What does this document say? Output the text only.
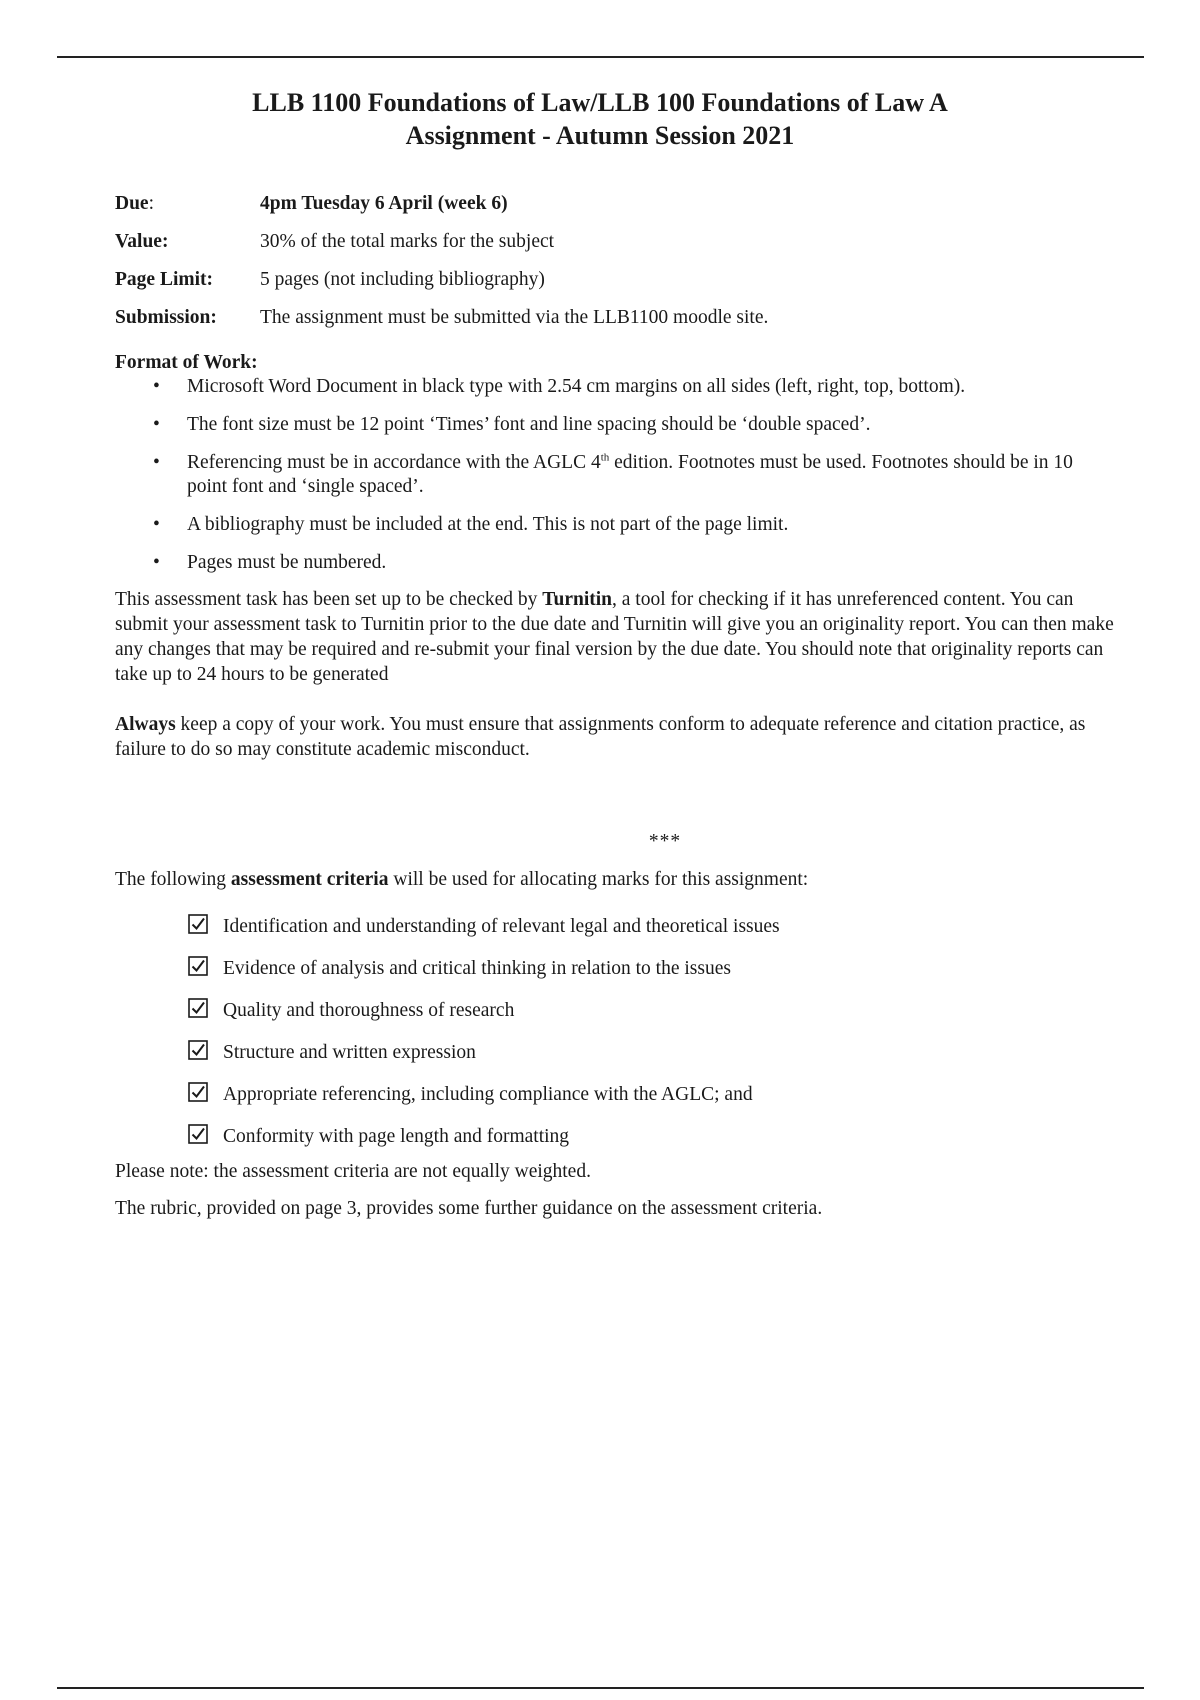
LLB 1100 Foundations of Law/LLB 100 Foundations of Law A
Assignment - Autumn Session 2021
Due:	4pm Tuesday 6 April (week 6)
Value:	30% of the total marks for the subject
Page Limit:	5 pages (not including bibliography)
Submission:	The assignment must be submitted via the LLB1100 moodle site.
Format of Work:
• Microsoft Word Document in black type with 2.54 cm margins on all sides (left, right, top, bottom).
• The font size must be 12 point ‘Times’ font and line spacing should be ‘double spaced’.
• Referencing must be in accordance with the AGLC 4th edition. Footnotes must be used. Footnotes should be in 10 point font and ‘single spaced’.
• A bibliography must be included at the end. This is not part of the page limit.
• Pages must be numbered.

This assessment task has been set up to be checked by Turnitin, a tool for checking if it has unreferenced content. You can submit your assessment task to Turnitin prior to the due date and Turnitin will give you an originality report. You can then make any changes that may be required and re-submit your final version by the due date. You should note that originality reports can take up to 24 hours to be generated

Always keep a copy of your work. You must ensure that assignments conform to adequate reference and citation practice, as failure to do so may constitute academic misconduct.

***
The following assessment criteria will be used for allocating marks for this assignment:
Identification and understanding of relevant legal and theoretical issues
Evidence of analysis and critical thinking in relation to the issues
Quality and thoroughness of research
Structure and written expression
Appropriate referencing, including compliance with the AGLC; and
Conformity with page length and formatting
Please note: the assessment criteria are not equally weighted.
The rubric, provided on page 3, provides some further guidance on the assessment criteria.
